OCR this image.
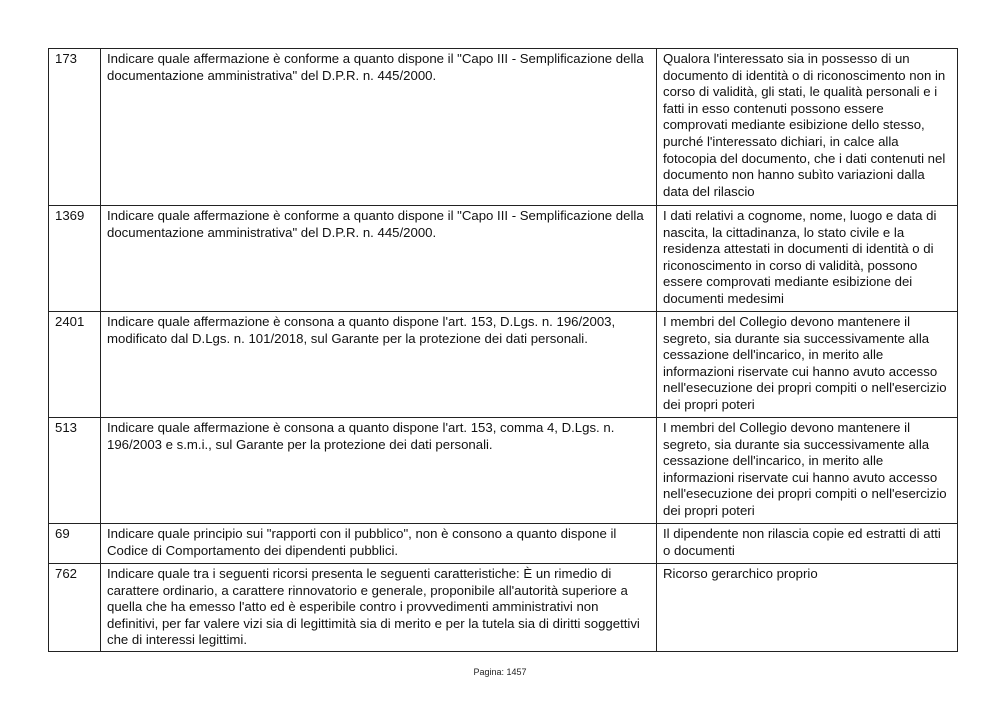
173	Indicare quale affermazione è conforme a quanto dispone il "Capo III - Semplificazione della documentazione amministrativa" del D.P.R. n. 445/2000.	Qualora l'interessato sia in possesso di un documento di identità o di riconoscimento non in corso di validità, gli stati, le qualità personali e i fatti in esso contenuti possono essere comprovati mediante esibizione dello stesso, purché l'interessato dichiari, in calce alla fotocopia del documento, che i dati contenuti nel documento non hanno subìto variazioni dalla data del rilascio
1369	Indicare quale affermazione è conforme a quanto dispone il "Capo III - Semplificazione della documentazione amministrativa" del D.P.R. n. 445/2000.	I dati relativi a cognome, nome, luogo e data di nascita, la cittadinanza, lo stato civile e la residenza attestati in documenti di identità o di riconoscimento in corso di validità, possono essere comprovati mediante esibizione dei documenti medesimi
2401	Indicare quale affermazione è consona a quanto dispone l'art. 153, D.Lgs. n. 196/2003, modificato dal D.Lgs. n. 101/2018, sul Garante per la protezione dei dati personali.	I membri del Collegio devono mantenere il segreto, sia durante sia successivamente alla cessazione dell'incarico, in merito alle informazioni riservate cui hanno avuto accesso nell'esecuzione dei propri compiti o nell'esercizio dei propri poteri
513	Indicare quale affermazione è consona a quanto dispone l'art. 153, comma 4, D.Lgs. n. 196/2003 e s.m.i., sul Garante per la protezione dei dati personali.	I membri del Collegio devono mantenere il segreto, sia durante sia successivamente alla cessazione dell'incarico, in merito alle informazioni riservate cui hanno avuto accesso nell'esecuzione dei propri compiti o nell'esercizio dei propri poteri
69	Indicare quale principio sui "rapporti con il pubblico", non è consono a quanto dispone il Codice di Comportamento dei dipendenti pubblici.	Il dipendente non rilascia copie ed estratti di atti o documenti
762	Indicare quale tra i seguenti ricorsi presenta le seguenti caratteristiche: È un rimedio di carattere ordinario, a carattere rinnovatorio e generale, proponibile all'autorità superiore a quella che ha emesso l'atto ed è esperibile contro i provvedimenti amministrativi non definitivi, per far valere vizi sia di legittimità sia di merito e per la tutela sia di diritti soggettivi che di interessi legittimi.	Ricorso gerarchico proprio
Pagina: 1457
